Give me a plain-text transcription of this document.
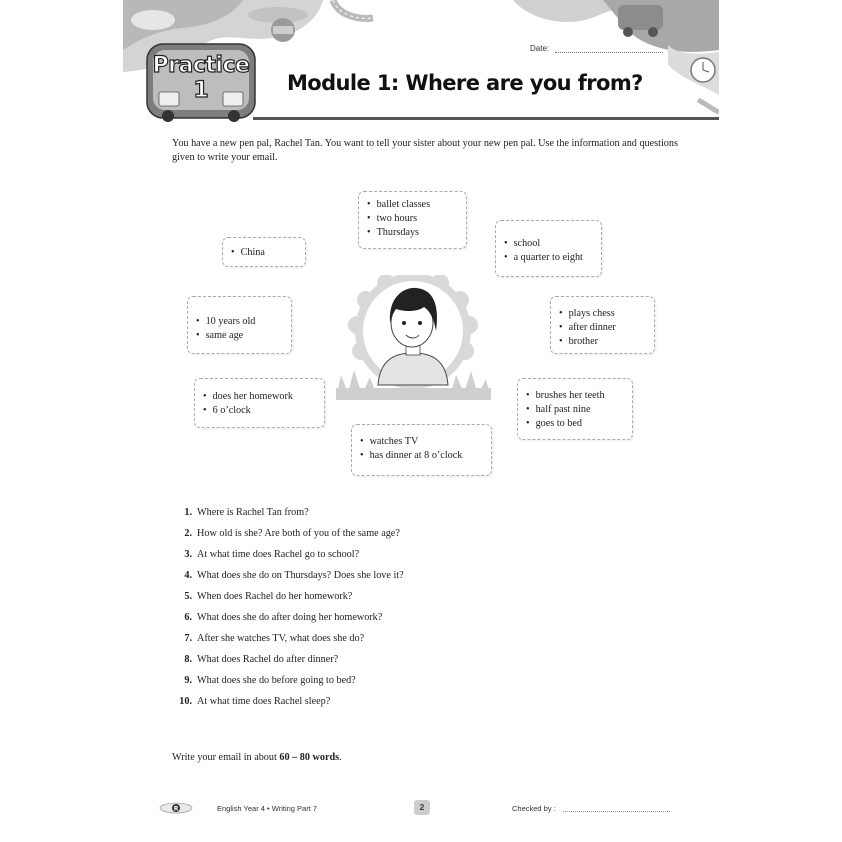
Date:
Practice
1	Module 1: Where are you from?

You have a new pen pal, Rachel Tan. You want to tell your sister about your new pen pal. Use the information and questions given to write your email.

• ballet classes
• two hours
• Thursdays
• school
• a quarter to eight
• China
• 10 years old
• same age
• plays chess
• after dinner
• brother
• does her homework
• 6 o’clock
• brushes her teeth
• half past nine
• goes to bed
• watches TV
• has dinner at 8 o’clock
1. Where is Rachel Tan from?
2. How old is she? Are both of you of the same age?
3. At what time does Rachel go to school?
4. What does she do on Thursdays? Does she love it?
5. When does Rachel do her homework?
6. What does she do after doing her homework?
7. After she watches TV, what does she do?
8. What does Rachel do after dinner?
9. What does she do before going to bed?
10. At what time does Rachel sleep?
Write your email in about 60 – 80 words.
R	English Year 4 • Writing Part 7	2	Checked by :
